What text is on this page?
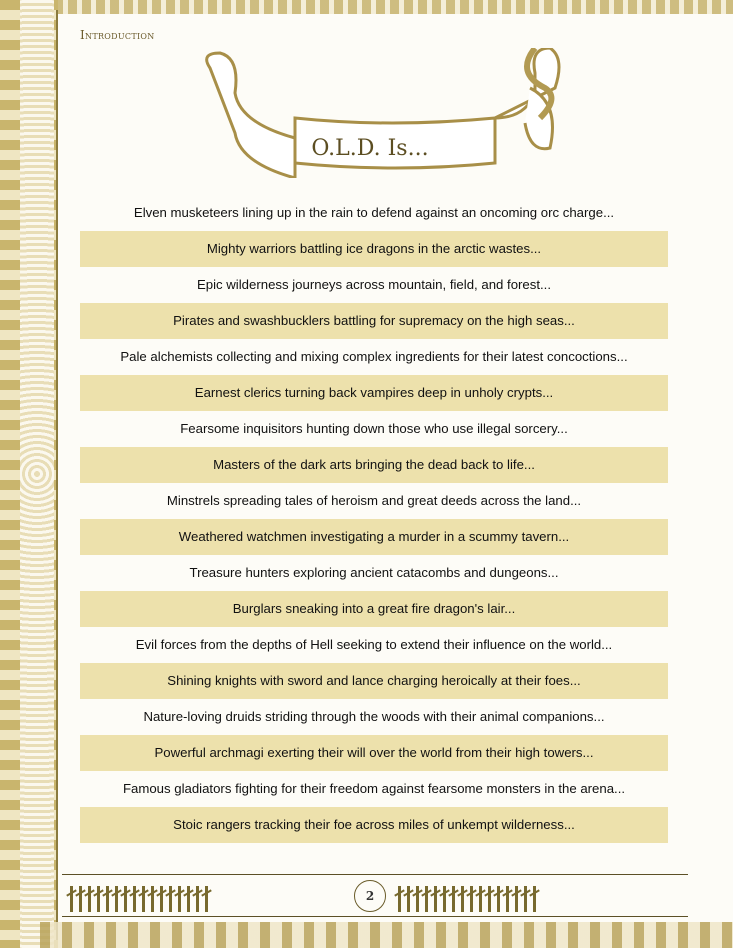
Introduction
O.L.D. Is...
Elven musketeers lining up in the rain to defend against an oncoming orc charge...
Mighty warriors battling ice dragons in the arctic wastes...
Epic wilderness journeys across mountain, field, and forest...
Pirates and swashbucklers battling for supremacy on the high seas...
Pale alchemists collecting and mixing complex ingredients for their latest concoctions...
Earnest clerics turning back vampires deep in unholy crypts...
Fearsome inquisitors hunting down those who use illegal sorcery...
Masters of the dark arts bringing the dead back to life...
Minstrels spreading tales of heroism and great deeds across the land...
Weathered watchmen investigating a murder in a scummy tavern...
Treasure hunters exploring ancient catacombs and dungeons...
Burglars sneaking into a great fire dragon's lair...
Evil forces from the depths of Hell seeking to extend their influence on the world...
Shining knights with sword and lance charging heroically at their foes...
Nature-loving druids striding through the woods with their animal companions...
Powerful archmagi exerting their will over the world from their high towers...
Famous gladiators fighting for their freedom against fearsome monsters in the arena...
Stoic rangers tracking their foe across miles of unkempt wilderness...
2
